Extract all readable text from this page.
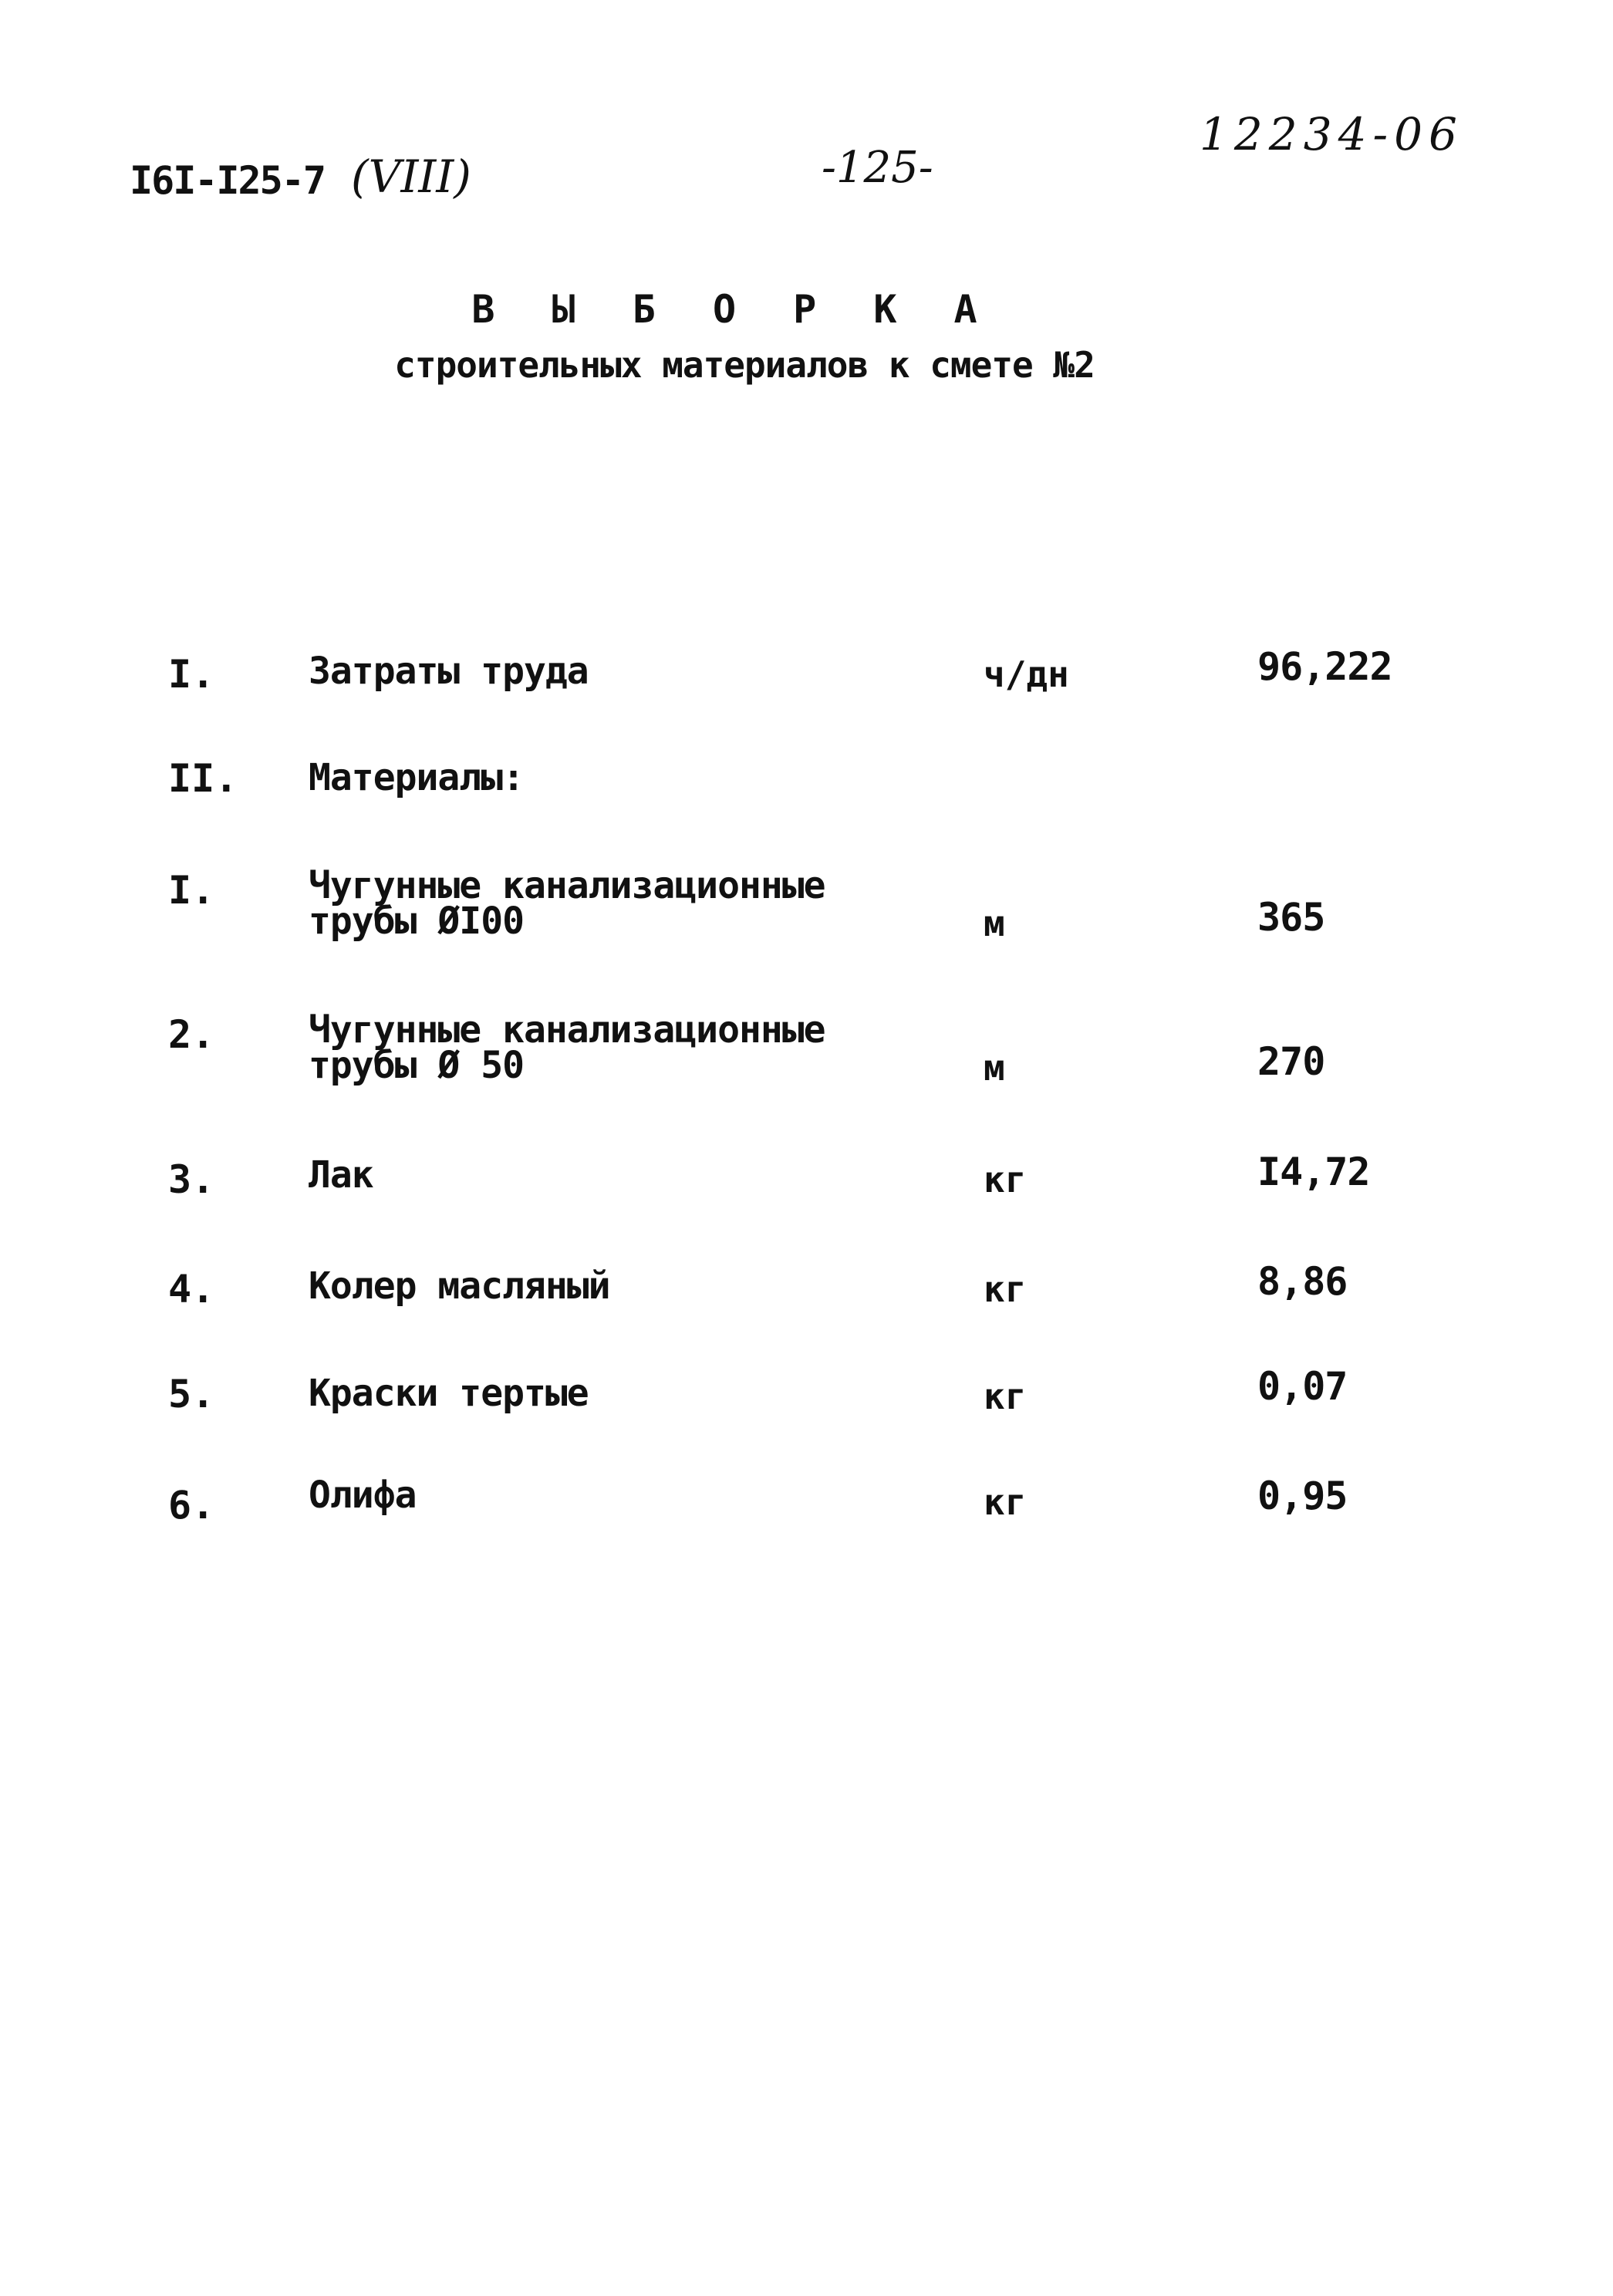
I6I-I25-7 (VIII)	-125-
12234-06
В Ы Б О Р К А
строительных материалов к смете №2
I.	Затраты труда	ч/дн	96,222
II. Материалы:
I.	Чугунные канализационные
трубы ØI00	м	365
2.	Чугунные канализационные
трубы Ø 50	м	270
3.	Лак	кг	I4,72
4.	Колер масляный	кг	8,86
5.	Краски тертые	кг	0,07
6.	Олифа	кг	0,95
